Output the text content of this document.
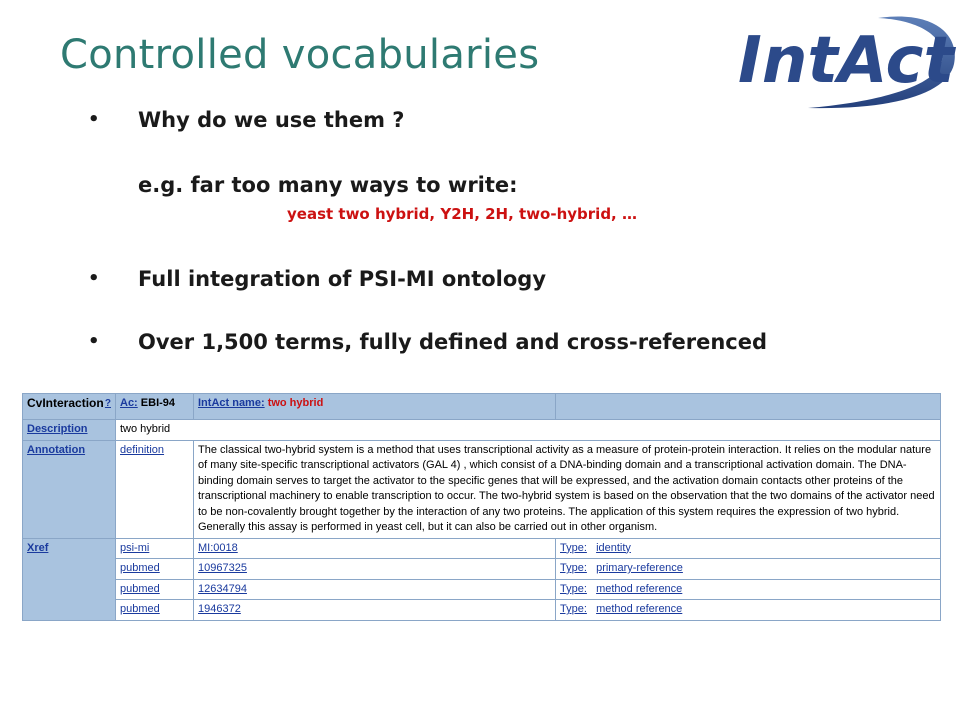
Controlled vocabularies	IntAct
• Why do we use them ?
e.g. far too many ways to write:
yeast two hybrid, Y2H, 2H, two-hybrid, …
• Full integration of PSI-MI ontology
• Over 1,500 terms, fully defined and cross-referenced
?
CvInteraction	Ac: EBI-94	IntAct name: two hybrid	
Description	two hybrid		
Annotation	definition	The classical two-hybrid system is a method that uses transcriptional activity as a measure of protein-protein interaction. It relies on the modular nature of many site-specific transcriptional activators (GAL 4) , which consist of a DNA-binding domain and a transcriptional activation domain. The DNA-binding domain serves to target the activator to the specific genes that will be expressed, and the activation domain contacts other proteins of the transcriptional machinery to enable transcription to occur. The two-hybrid system is based on the observation that the two domains of the activator need to be non-covalently brought together by the interaction of any two proteins. The application of this system requires the expression of two hybrid. Generally this assay is performed in yeast cell, but it can also be carried out in other organism.	
Xref	psi-mi	MI:0018	Type: identity
	pubmed	10967325	Type: primary-reference
	pubmed	12634794	Type: method reference
	pubmed	1946372	Type: method reference
